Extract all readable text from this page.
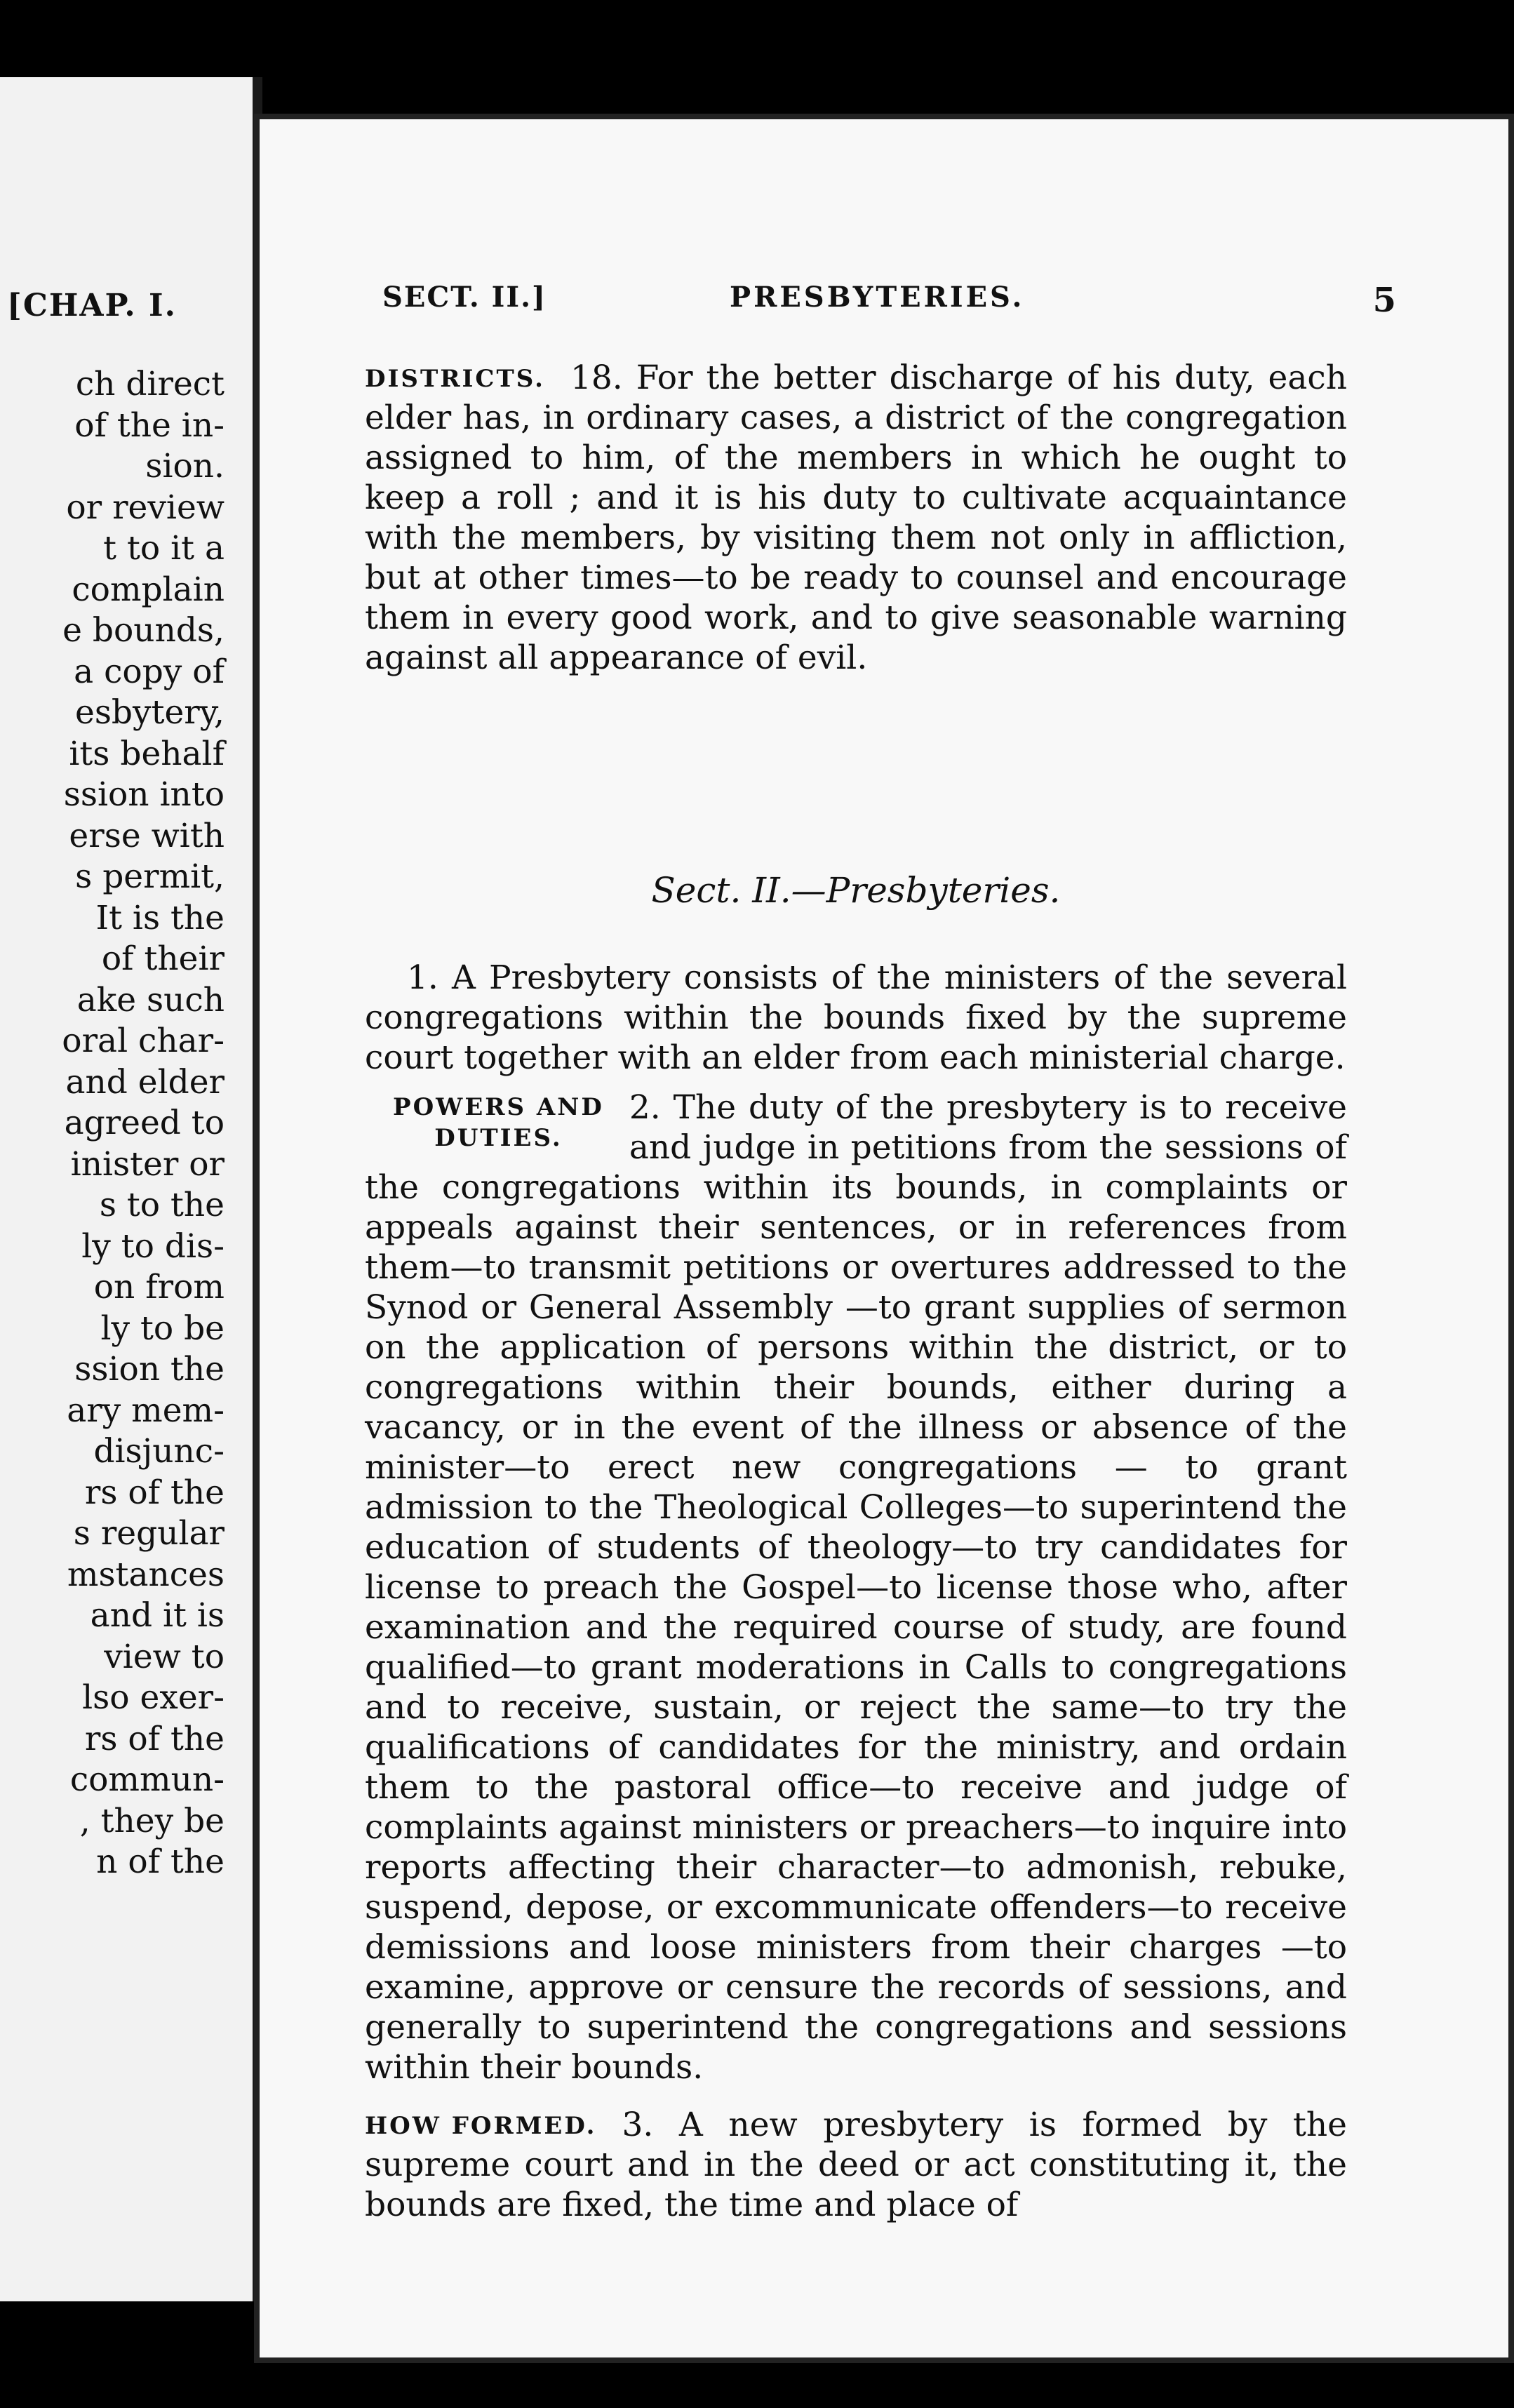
[CHAP. I.
ch direct
of the in-
sion.
or review
t to it a
complain
e bounds,
a copy of
esbytery,
its behalf
ssion into
erse with
s permit,
It is the
of their
ake such
oral char-
and elder
agreed to
inister or
s to the
ly to dis-
on from
ly to be
ssion the
ary mem-
disjunc-
rs of the
s regular
mstances
and it is
view to
lso exer-
rs of the
commun-
, they be
n of the
SECT. II.]	PRESBYTERIES.	5
DISTRICTS. 18. For the better discharge of his duty, each elder has, in ordinary cases, a district of the congregation assigned to him, of the members in which he ought to keep a roll ; and it is his duty to cultivate acquaintance with the members, by visiting them not only in affliction, but at other times—to be ready to counsel and encourage them in every good work, and to give seasonable warning against all appearance of evil.
Sect. II.—Presbyteries.
1. A Presbytery consists of the ministers of the several congregations within the bounds fixed by the supreme court together with an elder from each ministerial charge.
POWERS AND
DUTIES.
2. The duty of the presbytery is to receive and judge in petitions from the sessions of the congregations within its bounds, in complaints or appeals against their sentences, or in references from them—to transmit petitions or overtures addressed to the Synod or General Assembly —to grant supplies of sermon on the application of persons within the district, or to congregations within their bounds, either during a vacancy, or in the event of the illness or absence of the minister—to erect new congregations — to grant admission to the Theological Colleges—to superintend the education of students of theology—to try candidates for license to preach the Gospel—to license those who, after examination and the required course of study, are found qualified—to grant moderations in Calls to congregations and to receive, sustain, or reject the same—to try the qualifications of candidates for the ministry, and ordain them to the pastoral office—to receive and judge of complaints against ministers or preachers—to inquire into reports affecting their character—to admonish, rebuke, suspend, depose, or excommunicate offenders—to receive demissions and loose ministers from their charges —to examine, approve or censure the records of sessions, and generally to superintend the congregations and sessions within their bounds.
HOW FORMED. 3. A new presbytery is formed by the supreme court and in the deed or act constituting it, the bounds are fixed, the time and place of
